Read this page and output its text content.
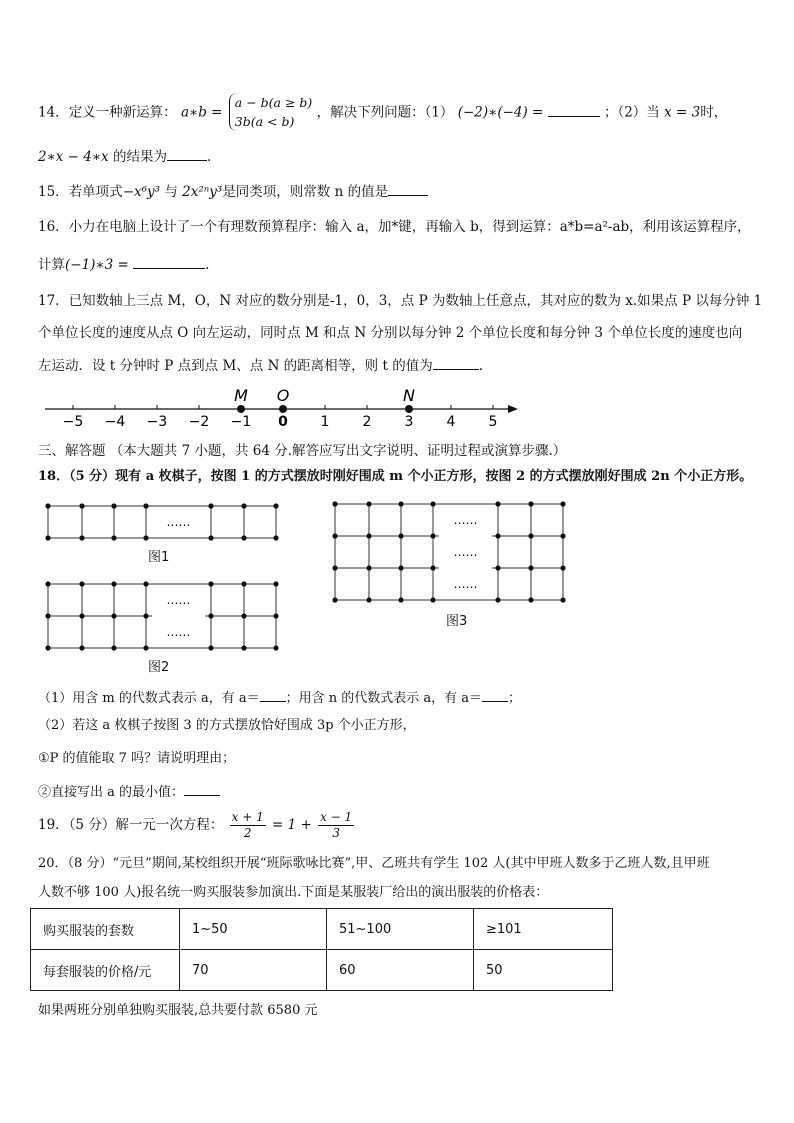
14．定义一种新运算： a∗b = a − b(a ≥ b)
3b(a < b) ，解决下列问题：（1） (−2)∗(−4) =	；（2）当 x = 3时，
2∗x − 4∗x 的结果为	.
15．若单项式−x⁶y³ 与 2x²ⁿy³是同类项，则常数 n 的值是
16．小力在电脑上设计了一个有理数预算程序：输入 a，加*键，再输入 b，得到运算：a*b=a²-ab，利用该运算程序，
计算(−1)∗3 =	.
17．已知数轴上三点 M，O，N 对应的数分别是-1，0，3，点 P 为数轴上任意点，其对应的数为 x.如果点 P 以每分钟 1
个单位长度的速度从点 O 向左运动，同时点 M 和点 N 分别以每分钟 2 个单位长度和每分钟 3 个单位长度的速度也向
左运动．设 t 分钟时 P 点到点 M、点 N 的距离相等，则 t 的值为	.
−5 −4 −3 −2 −1 0 1 2 3 4 5
M O	N
三、解答题 （本大题共 7 小题，共 64 分.解答应写出文字说明、证明过程或演算步骤.）
18．（5 分）现有 a 枚棋子，按图 1 的方式摆放时刚好围成 m 个小正方形，按图 2 的方式摆放刚好围成 2n 个小正方形。
……
图1
……
……
图2
……
……
……
图3
（1）用含 m 的代数式表示 a，有 a＝ ；用含 n 的代数式表示 a，有 a＝ ；
（2）若这 a 枚棋子按图 3 的方式摆放恰好围成 3p 个小正方形，
①P 的值能取 7 吗？请说明理由；
②直接写出 a 的最小值：
19．（5 分）解一元一次方程： $\frac{x + 1}{2} = 1 + \frac{x - 1}{3}$
20．（8 分）“元旦”期间,某校组织开展“班际歌咏比赛”,甲、乙班共有学生 102 人(其中甲班人数多于乙班人数,且甲班
人数不够 100 人)报名统一购买服装参加演出.下面是某服装厂给出的演出服装的价格表：
购买服装的套数	1~50	51~100	≥101
每套服装的价格/元	70	60	50
如果两班分别单独购买服装,总共要付款 6580 元
